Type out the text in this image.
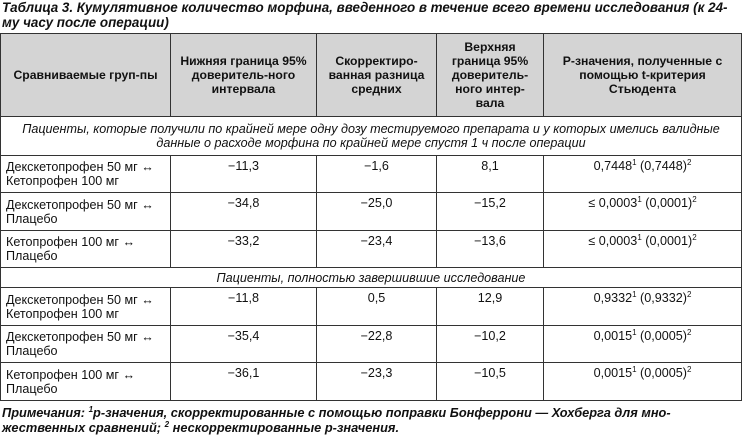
Таблица 3. Кумулятивное количество морфина, введенного в течение всего времени исследования (к 24-му часу после операции)
Сравниваемые груп-пы	Нижняя граница 95% доверитель-ного интервала	Скорректиро-ванная разница средних	Верхняя граница 95% доверитель-ного интер-вала	Р-значения, полученные с помощью t-критерия Стьюдента
Пациенты, которые получили по крайней мере одну дозу тестируемого препарата и у которых имелись валидные данные о расходе морфина по крайней мере спустя 1 ч после операции				
Декскетопрофен 50 мг ↔ Кетопрофен 100 мг	−11,3	−1,6	8,1	0,7448$^1$ $(0,7448)^2$
Декскетопрофен 50 мг ↔ Плацебо	−34,8	−25,0	−15,2	≤ $0,0003^1$ $(0,0001)^2$
Кетопрофен 100 мг ↔ Плацебо	−33,2	−23,4	−13,6	≤ $0,0003^1$ $(0,0001)^2$
Пациенты, полностью завершившие исследование				
Декскетопрофен 50 мг ↔ Кетопрофен 100 мг	−11,8	0,5	12,9	0,9332$^1$ $(0,9332)^2$
Декскетопрофен 50 мг ↔ Плацебо	−35,4	−22,8	−10,2	0,0015$^1$ $(0,0005)^2$
Кетопрофен 100 мг ↔ Плацебо	−36,1	−23,3	−10,5	0,0015$^1$ $(0,0005)^2$
Примечания: $^1$р-значения, скорректированные с помощью поправки Бонферрони — Хохберга для мно-жественных сравнений; $^2$ нескорректированные р-значения.
